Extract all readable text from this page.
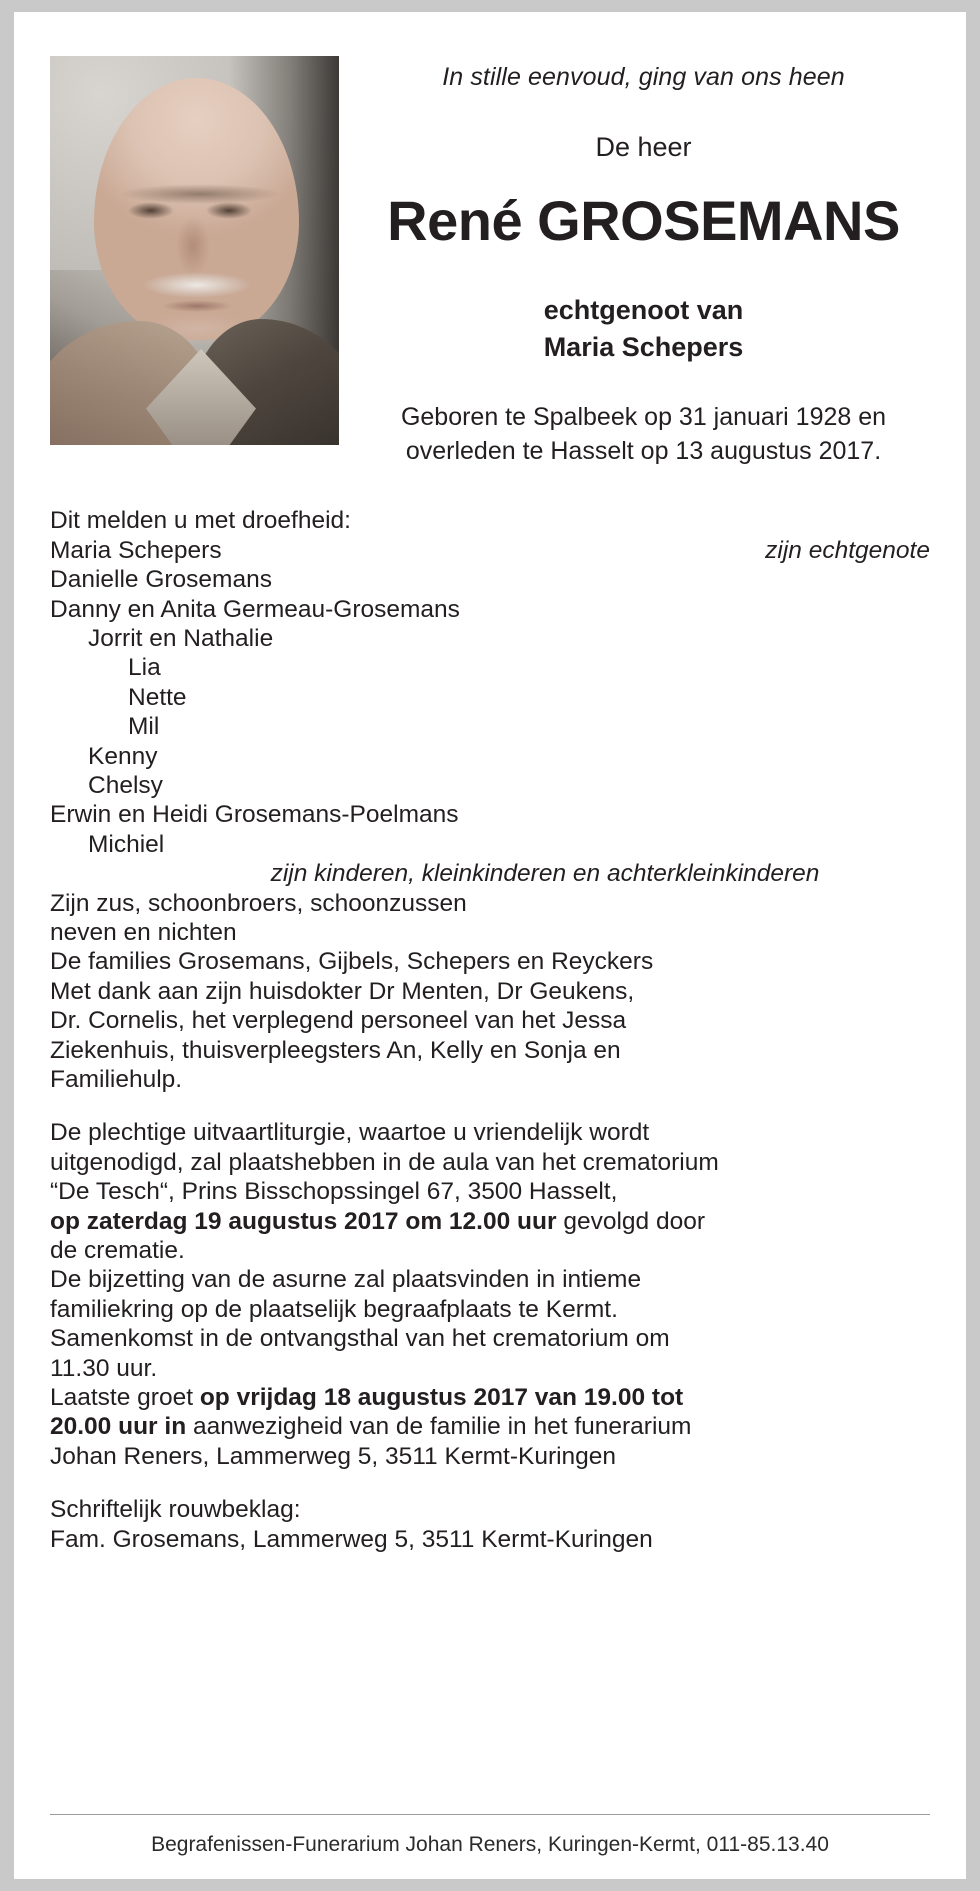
In stille eenvoud, ging van ons heen
De heer
René GROSEMANS
echtgenoot van
Maria Schepers
Geboren te Spalbeek op 31 januari 1928 en overleden te Hasselt op 13 augustus 2017.
Dit melden u met droefheid:
Maria Schepers	zijn echtgenote
Danielle Grosemans
Danny en Anita Germeau-Grosemans
Jorrit en Nathalie
Lia
Nette
Mil
Kenny
Chelsy
Erwin en Heidi Grosemans-Poelmans
Michiel
zijn kinderen, kleinkinderen en achterkleinkinderen
Zijn zus, schoonbroers, schoonzussen
neven en nichten
De families Grosemans, Gijbels, Schepers en Reyckers
Met dank aan zijn huisdokter Dr Menten, Dr Geukens,
Dr. Cornelis, het verplegend personeel van het Jessa
Ziekenhuis, thuisverpleegsters An, Kelly en Sonja en
Familiehulp.
De plechtige uitvaartliturgie, waartoe u vriendelijk wordt
uitgenodigd, zal plaatshebben in de aula van het crematorium
“De Tesch“, Prins Bisschopssingel 67, 3500 Hasselt,
op zaterdag 19 augustus 2017 om 12.00 uur gevolgd door
de crematie.
De bijzetting van de asurne zal plaatsvinden in intieme
familiekring op de plaatselijk begraafplaats te Kermt.
Samenkomst in de ontvangsthal van het crematorium om
11.30 uur.
Laatste groet op vrijdag 18 augustus 2017 van 19.00 tot
20.00 uur in aanwezigheid van de familie in het funerarium
Johan Reners, Lammerweg 5, 3511 Kermt-Kuringen
Schriftelijk rouwbeklag:
Fam. Grosemans, Lammerweg 5, 3511 Kermt-Kuringen
Begrafenissen-Funerarium Johan Reners, Kuringen-Kermt, 011-85.13.40
